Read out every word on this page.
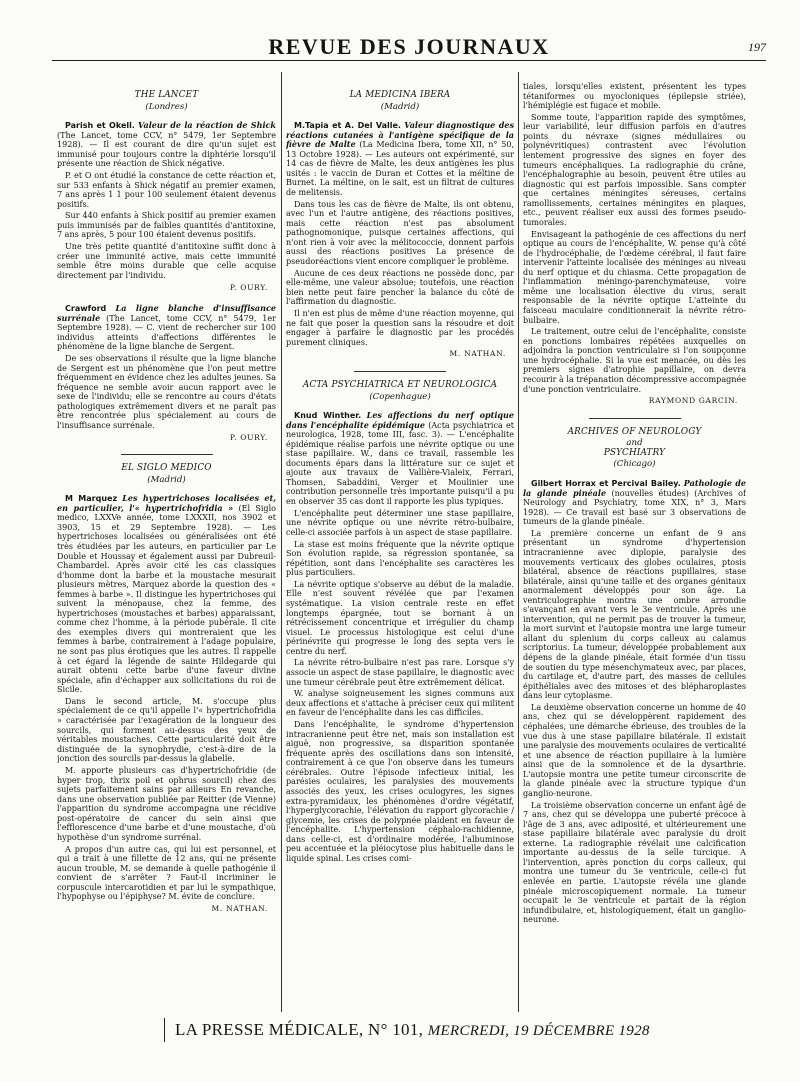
REVUE DES JOURNAUX	197
THE LANCET
(Londres)

Parish et Okell. Valeur de la réaction de Shick (The Lancet, tome CCV, n° 5479, 1er Septembre 1928). — Il est courant de dire qu'un sujet est immunisé pour toujours contre la diphtérie lorsqu'il présente une réaction de Shick négative.

P. et O ont étudié la constance de cette réaction et, sur 533 enfants à Shick négatif au premier examen, 7 ans après 1 1 pour 100 seulement étaient devenus positifs.

Sur 440 enfants à Shick positif au premier examen puis immunisés par de faibles quantités d'antitoxine, 7 ans après, 5 pour 100 étaient devenus positifs.

Une très petite quantité d'antitoxine suffit donc à créer une immunité active, mais cette immunité semble être moins durable que celle acquise directement par l'individu.

P. OURY.

Crawford La ligne blanche d'insuffisance surrénale (The Lancet, tome CCV, n° 5479, 1er Septembre 1928). — C. vient de rechercher sur 100 individus atteints d'affections différentes le phénomène de la ligne blanche de Sergent.

De ses observations il résulte que la ligne blanche de Sergent est un phénomène que l'on peut mettre fréquemment en évidence chez les adultes jeunes. Sa fréquence ne semble avoir aucun rapport avec le sexe de l'individu; elle se rencontre au cours d'états pathologiques extrêmement divers et ne paraît pas être rencontrée plus spécialement au cours de l'insuffisance surrénale.

P. OURY.
EL SIGLO MEDICO
(Madrid)

M Marquez Les hypertrichoses localisées et, en particulier, l'« hypertrichofridia » (El Siglo medico, LXXVe année, tome LXXXII, nos 3902 et 3903, 15 et 29 Septembre 1928). — Les hypertrichoses localisées ou généralisées ont été très étudiées par les auteurs, en particulier par Le Double et Houssay et également aussi par Dubreuil-Chambardel. Après avoir cité les cas classiques d'homme dont la barbe et la moustache mesurait plusieurs mètres, Marquez aborde la question des « femmes à barbe ». Il distingue les hypertrichoses qui suivent la ménopause, chez la femme, des hypertrichoses (moustaches et barbes) apparaissant, comme chez l'homme, à la période pubérale. Il cite des exemples divers qui montreraient que les femmes à barbe, contrairement à l'adage populaire, ne sont pas plus érotiques que les autres. Il rappelle à cet égard la légende de sainte Hildegarde qui aurait obtenu cette barbe d'une faveur divine spéciale, afin d'échapper aux sollicitations du roi de Sicile.

Dans le second article, M. s'occupe plus spécialement de ce qu'il appelle l'« hypertrichofridia » caractérisée par l'exagération de la longueur des sourcils, qui forment au-dessus des yeux de véritables moustaches. Cette particularité doit être distinguée de la synophrydie, c'est-à-dire de la jonction des sourcils par-dessus la glabelle.

M. apporte plusieurs cas d'hypertrichofridie (de hyper trop, thrix poil et ophrus sourcil) chez des sujets parfaitement sains par ailleurs En revanche, dans une observation publiée par Reitter (de Vienne) l'apparition du syndrome accompagna une récidive post-opératoire de cancer du sein ainsi que l'efflorescence d'une barbe et d'une moustache, d'où hypothèse d'un syndrome surrénal.

A propos d'un autre cas, qui lui est personnel, et qui a trait à une fillette de 12 ans, qui ne présente aucun trouble, M. se demande à quelle pathogénie il convient de s'arrêter ? Faut-il incriminer le corpuscule intercarotidien et par lui le sympathique, l'hypophyse ou l'épiphyse? M. évite de conclure.

M. NATHAN.
LA MEDICINA IBERA
(Madrid)

M.Tapia et A. Del Valle. Valeur diagnostique des réactions cutanées à l'antigène spécifique de la fièvre de Malte (La Medicina Ibera, tome XII, n° 50, 13 Octobre 1928). — Les auteurs ont expérimenté, sur 14 cas de fièvre de Malte, les deux antigènes les plus usités : le vaccin de Duran et Cottes et la méltine de Burnet. La méltine, on le sait, est un filtrat de cultures de melitensis.

Dans tous les cas de fièvre de Malte, ils ont obtenu, avec l'un et l'autre antigène, des réactions positives, mais cette réaction n'est pas absolument pathognomonique, puisque certaines affections, qui n'ont rien à voir avec la mélitococcie, donnent parfois aussi des réactions positives La présence de pseudoréactions vient encore compliquer le problème.

Aucune de ces deux réactions ne possède donc, par elle-même, une valeur absolue; toutefois, une réaction bien nette peut faire pencher la balance du côté de l'affirmation du diagnostic.

Il n'en est plus de même d'une réaction moyenne, qui ne fait que poser la question sans la résoudre et doit engager à parfaire le diagnostic par les procédés purement cliniques.

M. NATHAN.
ACTA PSYCHIATRICA ET NEUROLOGICA
(Copenhague)

Knud Winther. Les affections du nerf optique dans l'encéphalite épidémique (Acta psychiatrica et neurologica, 1928, tome III, fasc. 3). — L'encéphalite épidémique réalise parfois une névrite optique ou une stase papillaire. W., dans ce travail, rassemble les documents épars dans la littérature sur ce sujet et ajoute aux travaux de Vallière-Vialeix, Ferrari, Thomsen, Sabaddini, Verger et Moulinier une contribution personnelle très importante puisqu'il a pu en observer 35 cas dont il rapporte les plus typiques.

L'encéphalite peut déterminer une stase papillaire, une névrite optique ou une névrite rétro-bulbaire, celle-ci associée parfois à un aspect de stase papillaire.

La stase est moins fréquente que la névrite optique Son évolution rapide, sa régression spontanée, sa répétition, sont dans l'encéphalite ses caractères les plus particuliers.

La névrite optique s'observe au début de la maladie. Elle n'est souvent révélée que par l'examen systématique. La vision centrale reste en effet longtemps épargnée, tout se bornant à un rétrécissement concentrique et irrégulier du champ visuel. Le processus histologique est celui d'une périnévrite qui progresse le long des septa vers le centre du nerf.

La névrite rétro-bulbaire n'est pas rare. Lorsque s'y associe un aspect de stase papillaire, le diagnostic avec une tumeur cérébrale peut être extrêmement délicat.

W. analyse soigneusement les signes communs aux deux affections et s'attache à préciser ceux qui militent en faveur de l'encéphalite dans les cas difficiles.

Dans l'encéphalite, le syndrome d'hypertension intracranienne peut être net, mais son installation est aiguë, non progressive, sa disparition spontanée fréquente après des oscillations dans son intensité, contrairement à ce que l'on observe dans les tumeurs cérébrales. Outre l'épisode infectieux initial, les parésies oculaires, les paralysies des mouvements associés des yeux, les crises oculogyres, les signes extra-pyramidaux, les phénomènes d'ordre végétatif, l'hyperglycorachie, l'élévation du rapport glycorachie / glycemie, les crises de polypnée plaident en faveur de l'encéphalite. L'hypertension céphalo-rachidienne, dans celle-ci, est d'ordinaire modérée, l'albuminose peu accentuée et la pléiocytose plus habituelle dans le liquide spinal. Les crises comi-

tiales, lorsqu'elles existent, présentent les types tétaniformes ou myocloniques (épilepsie striée), l'hémiplégie est fugace et mobile.

Somme toute, l'apparition rapide des symptômes, leur variabilité, leur diffusion parfois en d'autres points du névraxe (signes médullaires ou polynévritiques) contrastent avec l'évolution lentement progressive des signes en foyer des tumeurs encéphaliques. La radiographie du crâne, l'encéphalographie au besoin, peuvent être utiles au diagnostic qui est parfois impossible. Sans compter que certaines méningites séreuses, certains ramollissements, certaines méningites en plaques, etc., peuvent réaliser eux aussi des formes pseudo-tumorales.

Envisageant la pathogénie de ces affections du nerf optique au cours de l'encéphalite, W. pense qu'à côté de l'hydrocéphalie, de l'œdème cérébral, il faut faire intervenir l'atteinte localisée des méninges au niveau du nerf optique et du chiasma. Cette propagation de l'inflammation méningo-parenchymateuse, voire même une localisation élective du virus, serait responsable de la névrite optique L'atteinte du faisceau maculaire conditionnerait la névrite rétro-bulbaire.

Le traitement, outre celui de l'encéphalite, consiste en ponctions lombaires répétées auxquelles on adjoindra la ponction ventriculaire si l'on soupçonne une hydrocéphalie. Si la vue est menacée, ou dès les premiers signes d'atrophie papillaire, on devra recourir à la trépanation décompressive accompagnée d'une ponction ventriculaire.

RAYMOND GARCIN.
ARCHIVES OF NEUROLOGY
and
PSYCHIATRY
(Chicago)

Gilbert Horrax et Percival Bailey. Pathologie de la glande pinéale (nouvelles études) (Archives of Neurology and Psychiatry, tome XIX, n° 3, Mars 1928). — Ce travail est basé sur 3 observations de tumeurs de la glande pinéale.

La première concerne un enfant de 9 ans présentant un syndrome d'hypertension intracranienne avec diplopie, paralysie des mouvements verticaux des globes oculaires, ptosis bilatéral, absence de réactions pupillaires, stase bilatérale, ainsi qu'une taille et des organes génitaux anormalement développés pour son âge. La ventriculographie montra une ombre arrondie s'avançant en avant vers le 3e ventricule. Après une intervention, qui ne permit pas de trouver la tumeur, la mort survint et l'autopsie montra une large tumeur allant du splenium du corps calleux au calamus scriptorius. La tumeur, développée probablement aux dépens de la glande pinéale, était formée d'un tissu de soutien du type mésenchymateux avec, par places, du cartilage et, d'autre part, des masses de cellules épithéliales avec des mitoses et des blépharoplastes dans leur cytoplasme.

La deuxième observation concerne un homme de 40 ans, chez qui se développèrent rapidement des céphalées, une démarche ébrieuse, des troubles de la vue dus à une stase papillaire bilatérale. Il existait une paralysie des mouvements oculaires de verticalité et une absence de réaction pupillaire à la lumière ainsi que de la somnolence et de la dysarthrie. L'autopsie montra une petite tumeur circonscrite de la glande pinéale avec la structure typique d'un ganglio-neurone.

La troisième observation concerne un enfant âgé de 7 ans, chez qui se développa une puberté précoce à l'âge de 3 ans, avec adiposité, et ultérieurement une stase papillaire bilatérale avec paralysie du droit externe. La radiographie révélait une calcification importante au-dessus de la selle turcique. A l'intervention, après ponction du corps calleux, qui montra une tumeur du 3e ventricule, celle-ci fut enlevée en partie. L'autopsie révéla une glande pinéale microscopiquement normale. La tumeur occupait le 3e ventricule et partait de la région infundibulaire, et, histologiquement, était un ganglio-neurone.

LA PRESSE MÉDICALE, N° 101, MERCREDI, 19 DÉCEMBRE 1928
